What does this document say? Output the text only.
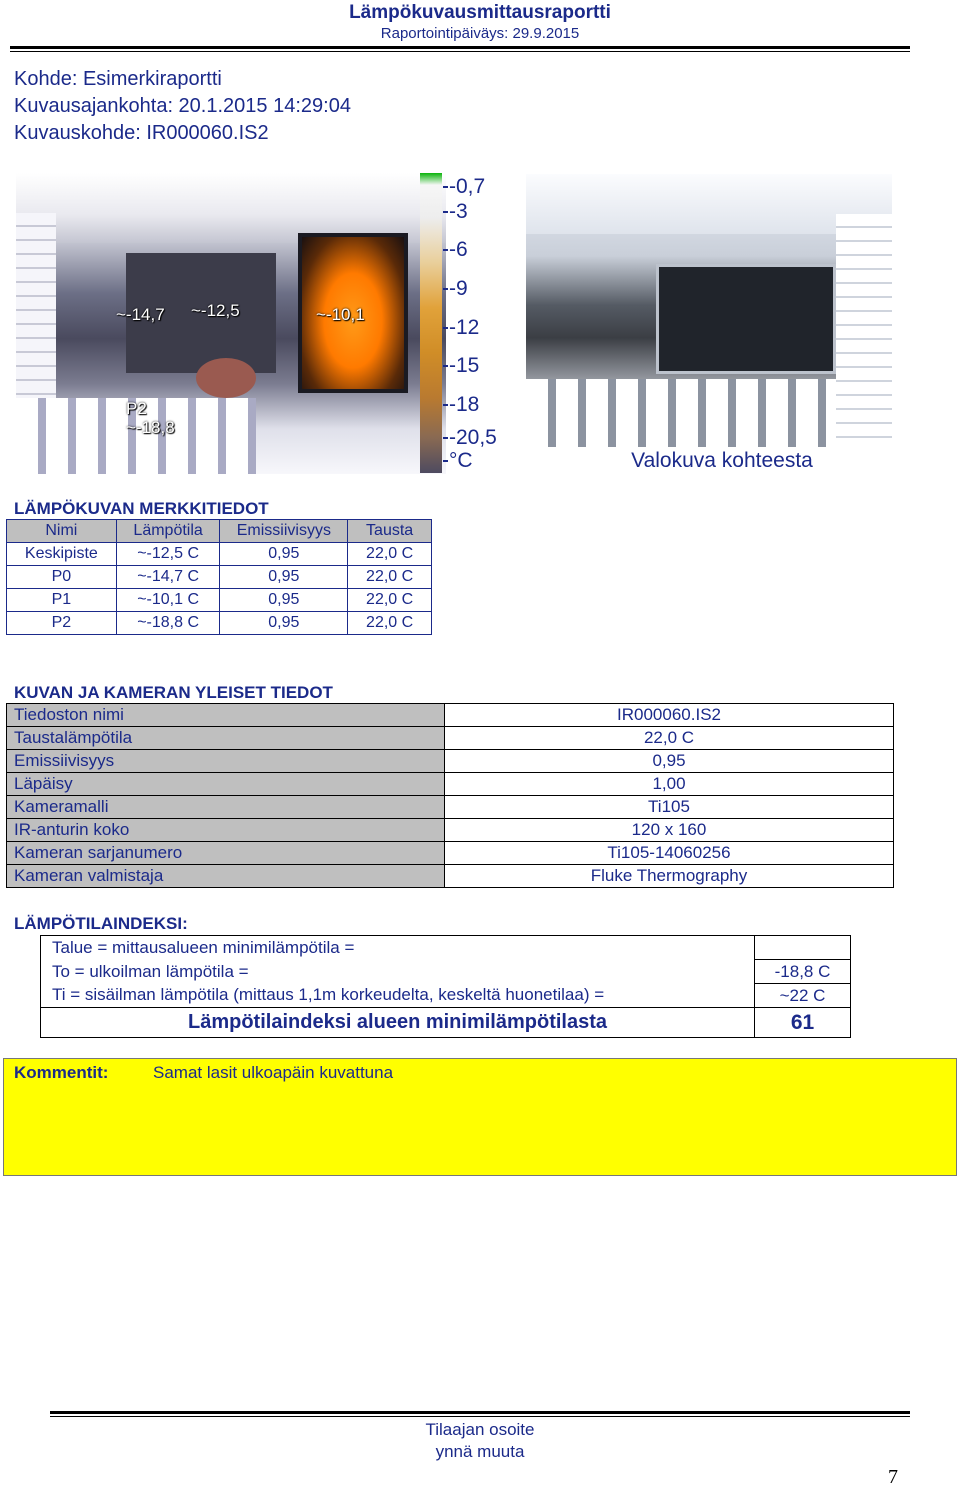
Lämpökuvausmittausraportti
Raportointipäiväys: 29.9.2015
Kohde: Esimerkiraportti
Kuvausajankohta: 20.1.2015 14:29:04
Kuvauskohde: IR000060.IS2
~-14,7 ~-12,5	~-10,1
P2
~-18,8
-0,7
-3
-6
-9
-12
-15
-18
-20,5
°C	Valokuva kohteesta
LÄMPÖKUVAN MERKKITIEDOT
Nimi	Lämpötila	Emissiivisyys	Tausta
Keskipiste	~-12,5 C	0,95	22,0 C
P0	~-14,7 C	0,95	22,0 C
P1	~-10,1 C	0,95	22,0 C
P2	~-18,8 C	0,95	22,0 C
KUVAN JA KAMERAN YLEISET TIEDOT
Tiedoston nimi	IR000060.IS2
Taustalämpötila	22,0 C
Emissiivisyys	0,95
Läpäisy	1,00
Kameramalli	Ti105
IR-anturin koko	120 x 160
Kameran sarjanumero	Ti105-14060256
Kameran valmistaja	Fluke Thermography
LÄMPÖTILAINDEKSI:
Talue = mittausalueen minimilämpötila =	
To = ulkoilman lämpötila =	-18,8 C
Ti = sisäilman lämpötila (mittaus 1,1m korkeudelta, keskeltä huonetilaa) =	~22 C
Lämpötilaindeksi alueen minimilämpötilasta	61
Kommentit:	Samat lasit ulkoapäin kuvattuna
Tilaajan osoite
ynnä muuta
7
